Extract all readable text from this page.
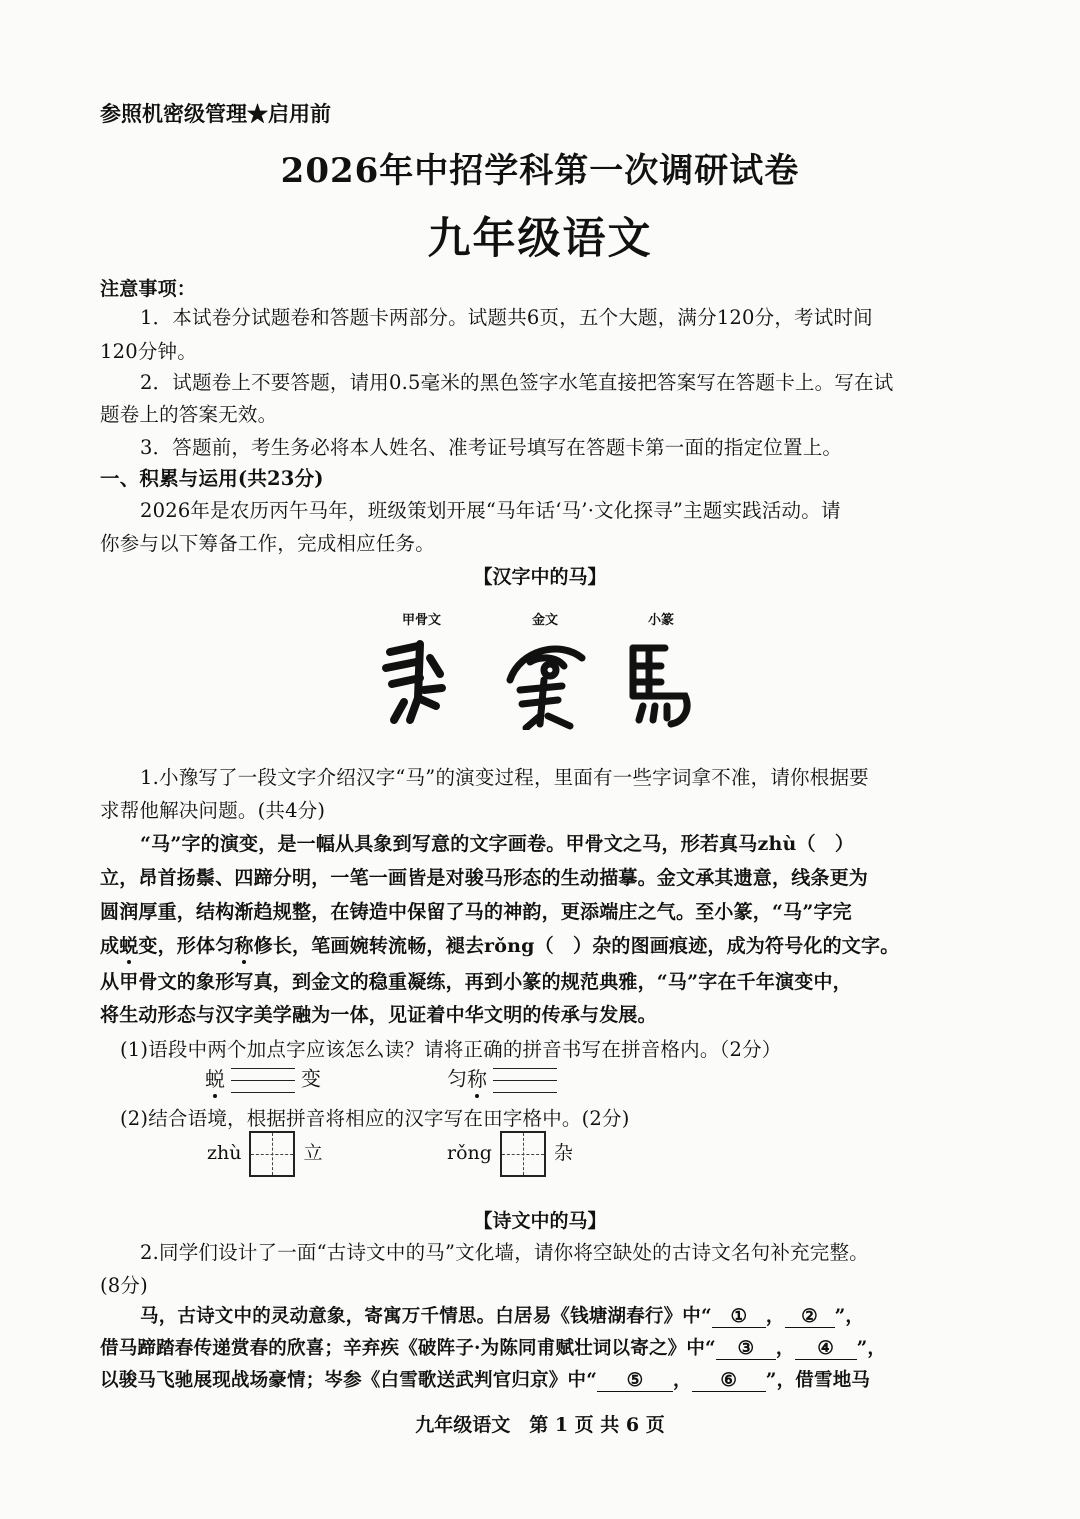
参照机密级管理★启用前
2026年中招学科第一次调研试卷
九年级语文
注意事项：
1．本试卷分试题卷和答题卡两部分。试题共6页，五个大题，满分120分，考试时间
120分钟。
2．试题卷上不要答题，请用0.5毫米的黑色签字水笔直接把答案写在答题卡上。写在试
题卷上的答案无效。
3．答题前，考生务必将本人姓名、准考证号填写在答题卡第一面的指定位置上。
一、积累与运用(共23分)
2026年是农历丙午马年，班级策划开展“马年话‘马’·文化探寻”主题实践活动。请
你参与以下筹备工作，完成相应任务。
【汉字中的马】
甲骨文	金文	小篆
1.小豫写了一段文字介绍汉字“马”的演变过程，里面有一些字词拿不准，请你根据要
求帮他解决问题。(共4分)
“马”字的演变，是一幅从具象到写意的文字画卷。甲骨文之马，形若真马zhù（　）
立，昂首扬鬃、四蹄分明，一笔一画皆是对骏马形态的生动描摹。金文承其遗意，线条更为
圆润厚重，结构渐趋规整，在铸造中保留了马的神韵，更添端庄之气。至小篆，“马”字完
成蜕变，形体匀称修长，笔画婉转流畅，褪去rǒng（　）杂的图画痕迹，成为符号化的文字。
从甲骨文的象形写真，到金文的稳重凝练，再到小篆的规范典雅，“马”字在千年演变中，
将生动形态与汉字美学融为一体，见证着中华文明的传承与发展。
(1)语段中两个加点字应该怎么读？请将正确的拼音书写在拼音格内。（2分）
蜕	变	匀称
(2)结合语境，根据拼音将相应的汉字写在田字格中。(2分)
zhù	立	rǒng	杂
【诗文中的马】
2.同学们设计了一面“古诗文中的马”文化墙，请你将空缺处的古诗文名句补充完整。
(8分)
马，古诗文中的灵动意象，寄寓万千情思。白居易《钱塘湖春行》中“ ① ， ② ”，
借马蹄踏春传递赏春的欣喜；辛弃疾《破阵子·为陈同甫赋壮词以寄之》中“ ③ ， ④ ”，
以骏马飞驰展现战场豪情；岑参《白雪歌送武判官归京》中“ ⑤ ， ⑥ ”，借雪地马
九年级语文　第 1 页 共 6 页
